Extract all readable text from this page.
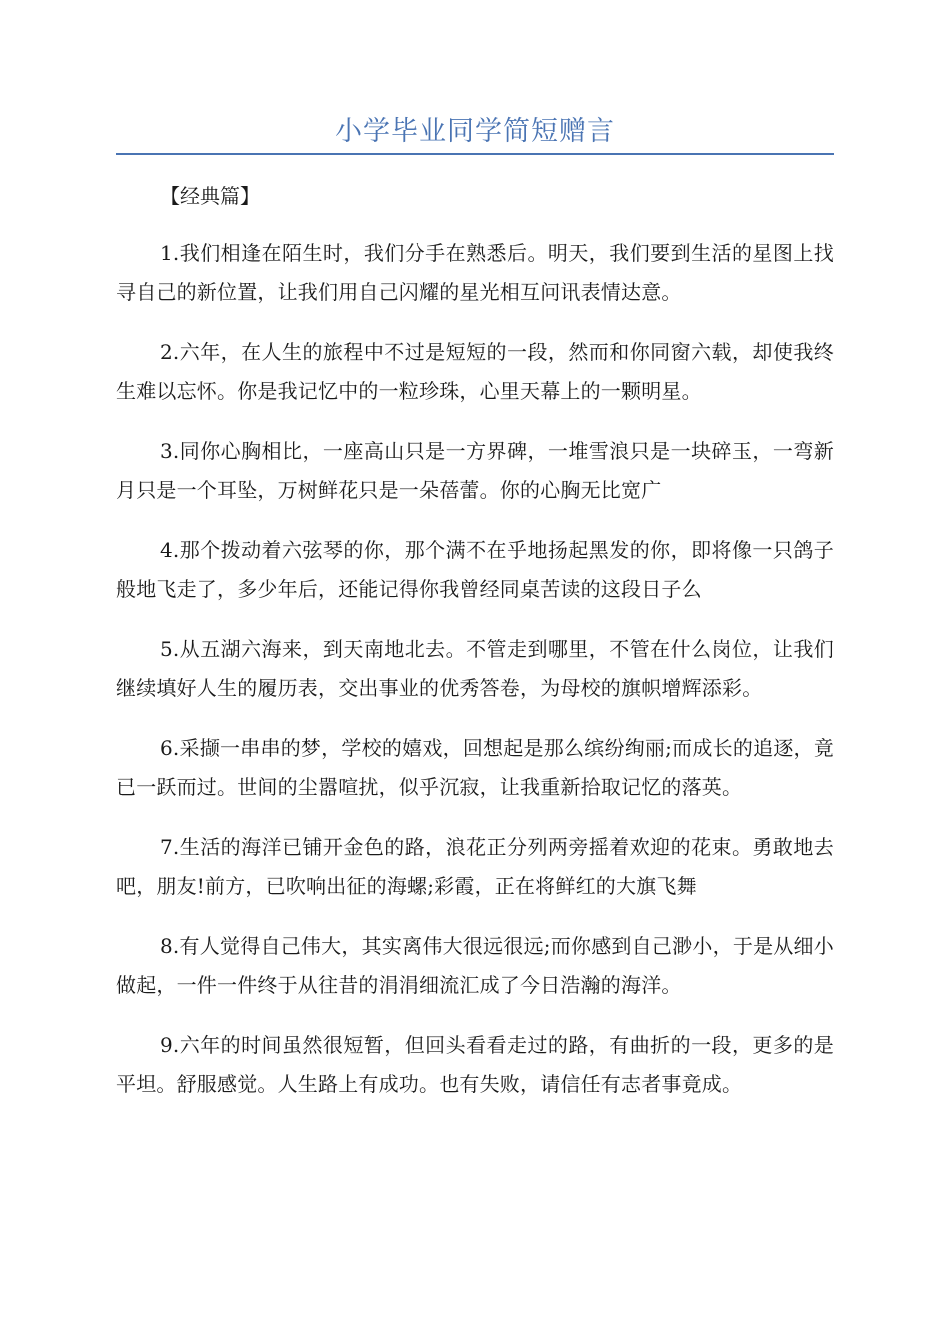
小学毕业同学简短赠言

【经典篇】

1.我们相逢在陌生时，我们分手在熟悉后。明天，我们要到生活的星图上找寻自己的新位置，让我们用自己闪耀的星光相互问讯表情达意。

2.六年，在人生的旅程中不过是短短的一段，然而和你同窗六载，却使我终生难以忘怀。你是我记忆中的一粒珍珠，心里天幕上的一颗明星。

3.同你心胸相比，一座高山只是一方界碑，一堆雪浪只是一块碎玉，一弯新月只是一个耳坠，万树鲜花只是一朵蓓蕾。你的心胸无比宽广

4.那个拨动着六弦琴的你，那个满不在乎地扬起黑发的你，即将像一只鸽子般地飞走了，多少年后，还能记得你我曾经同桌苦读的这段日子么

5.从五湖六海来，到天南地北去。不管走到哪里，不管在什么岗位，让我们继续填好人生的履历表，交出事业的优秀答卷，为母校的旗帜增辉添彩。

6.采撷一串串的梦，学校的嬉戏，回想起是那么缤纷绚丽;而成长的追逐，竟已一跃而过。世间的尘嚣喧扰，似乎沉寂，让我重新拾取记忆的落英。

7.生活的海洋已铺开金色的路，浪花正分列两旁摇着欢迎的花束。勇敢地去吧，朋友!前方，已吹响出征的海螺;彩霞，正在将鲜红的大旗飞舞

8.有人觉得自己伟大，其实离伟大很远很远;而你感到自己渺小，于是从细小做起，一件一件终于从往昔的涓涓细流汇成了今日浩瀚的海洋。

9.六年的时间虽然很短暂，但回头看看走过的路，有曲折的一段，更多的是平坦。舒服感觉。人生路上有成功。也有失败，请信任有志者事竟成。
